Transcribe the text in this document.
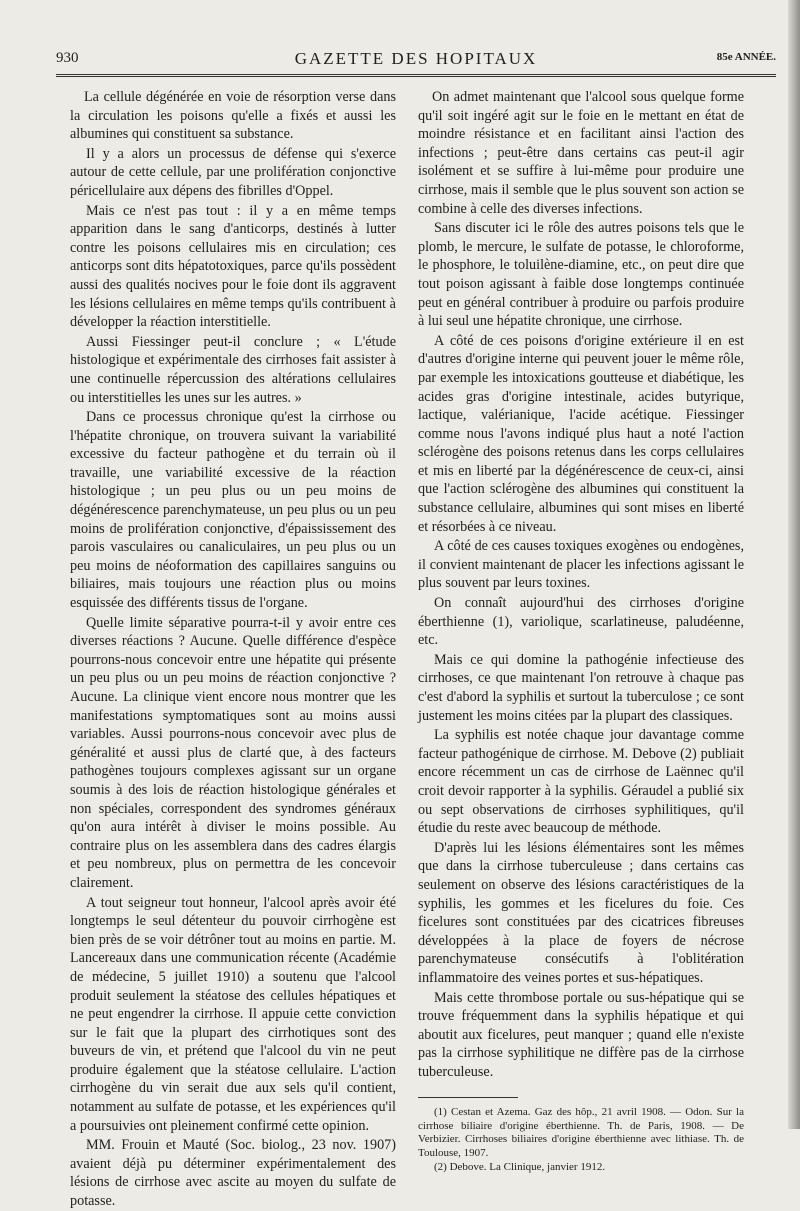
930	GAZETTE DES HOPITAUX	85e ANNÉE.

La cellule dégénérée en voie de résorption verse dans la circulation les poisons qu'elle a fixés et aussi les albumines qui constituent sa substance.

Il y a alors un processus de défense qui s'exerce autour de cette cellule, par une prolifération conjonctive péricellulaire aux dépens des fibrilles d'Oppel.

Mais ce n'est pas tout : il y a en même temps apparition dans le sang d'anticorps, destinés à lutter contre les poisons cellulaires mis en circulation; ces anticorps sont dits hépatotoxiques, parce qu'ils possèdent aussi des qualités nocives pour le foie dont ils aggravent les lésions cellulaires en même temps qu'ils contribuent à développer la réaction interstitielle.

Aussi Fiessinger peut-il conclure ; « L'étude histologique et expérimentale des cirrhoses fait assister à une continuelle répercussion des altérations cellulaires ou interstitielles les unes sur les autres. »

Dans ce processus chronique qu'est la cirrhose ou l'hépatite chronique, on trouvera suivant la variabilité excessive du facteur pathogène et du terrain où il travaille, une variabilité excessive de la réaction histologique ; un peu plus ou un peu moins de dégénérescence parenchymateuse, un peu plus ou un peu moins de prolifération conjonctive, d'épaississement des parois vasculaires ou canaliculaires, un peu plus ou un peu moins de néoformation des capillaires sanguins ou biliaires, mais toujours une réaction plus ou moins esquissée des différents tissus de l'organe.

Quelle limite séparative pourra-t-il y avoir entre ces diverses réactions ? Aucune. Quelle différence d'espèce pourrons-nous concevoir entre une hépatite qui présente un peu plus ou un peu moins de réaction conjonctive ? Aucune. La clinique vient encore nous montrer que les manifestations symptomatiques sont au moins aussi variables. Aussi pourrons-nous concevoir avec plus de généralité et aussi plus de clarté que, à des facteurs pathogènes toujours complexes agissant sur un organe soumis à des lois de réaction histologique générales et non spéciales, correspondent des syndromes généraux qu'on aura intérêt à diviser le moins possible. Au contraire plus on les assemblera dans des cadres élargis et peu nombreux, plus on permettra de les concevoir clairement.

A tout seigneur tout honneur, l'alcool après avoir été longtemps le seul détenteur du pouvoir cirrhogène est bien près de se voir détrôner tout au moins en partie. M. Lancereaux dans une communication récente (Académie de médecine, 5 juillet 1910) a soutenu que l'alcool produit seulement la stéatose des cellules hépatiques et ne peut engendrer la cirrhose. Il appuie cette conviction sur le fait que la plupart des cirrhotiques sont des buveurs de vin, et prétend que l'alcool du vin ne peut produire également que la stéatose cellulaire. L'action cirrhogène du vin serait due aux sels qu'il contient, notamment au sulfate de potasse, et les expériences qu'il a poursuivies ont pleinement confirmé cette opinion.

MM. Frouin et Mauté (Soc. biolog., 23 nov. 1907) avaient déjà pu déterminer expérimentalement des lésions de cirrhose avec ascite au moyen du sulfate de potasse.

On admet maintenant que l'alcool sous quelque forme qu'il soit ingéré agit sur le foie en le mettant en état de moindre résistance et en facilitant ainsi l'action des infections ; peut-être dans certains cas peut-il agir isolément et se suffire à lui-même pour produire une cirrhose, mais il semble que le plus souvent son action se combine à celle des diverses infections.

Sans discuter ici le rôle des autres poisons tels que le plomb, le mercure, le sulfate de potasse, le chloroforme, le phosphore, le toluilène-diamine, etc., on peut dire que tout poison agissant à faible dose longtemps continuée peut en général contribuer à produire ou parfois produire à lui seul une hépatite chronique, une cirrhose.

A côté de ces poisons d'origine extérieure il en est d'autres d'origine interne qui peuvent jouer le même rôle, par exemple les intoxications goutteuse et diabétique, les acides gras d'origine intestinale, acides butyrique, lactique, valérianique, l'acide acétique. Fiessinger comme nous l'avons indiqué plus haut a noté l'action sclérogène des poisons retenus dans les corps cellulaires et mis en liberté par la dégénérescence de ceux-ci, ainsi que l'action sclérogène des albumines qui constituent la substance cellulaire, albumines qui sont mises en liberté et résorbées à ce niveau.

A côté de ces causes toxiques exogènes ou endogènes, il convient maintenant de placer les infections agissant le plus souvent par leurs toxines.

On connaît aujourd'hui des cirrhoses d'origine éberthienne (1), variolique, scarlatineuse, paludéenne, etc.

Mais ce qui domine la pathogénie infectieuse des cirrhoses, ce que maintenant l'on retrouve à chaque pas c'est d'abord la syphilis et surtout la tuberculose ; ce sont justement les moins citées par la plupart des classiques.

La syphilis est notée chaque jour davantage comme facteur pathogénique de cirrhose. M. Debove (2) publiait encore récemment un cas de cirrhose de Laënnec qu'il croit devoir rapporter à la syphilis. Géraudel a publié six ou sept observations de cirrhoses syphilitiques, qu'il étudie du reste avec beaucoup de méthode.

D'après lui les lésions élémentaires sont les mêmes que dans la cirrhose tuberculeuse ; dans certains cas seulement on observe des lésions caractéristiques de la syphilis, les gommes et les ficelures du foie. Ces ficelures sont constituées par des cicatrices fibreuses développées à la place de foyers de nécrose parenchymateuse consécutifs à l'oblitération inflammatoire des veines portes et sus-hépatiques.

Mais cette thrombose portale ou sus-hépatique qui se trouve fréquemment dans la syphilis hépatique et qui aboutit aux ficelures, peut manquer ; quand elle n'existe pas la cirrhose syphilitique ne diffère pas de la cirrhose tuberculeuse.

(1) Cestan et Azema. Gaz des hôp., 21 avril 1908. — Odon. Sur la cirrhose biliaire d'origine éberthienne. Th. de Paris, 1908. — De Verbizier. Cirrhoses biliaires d'origine éberthienne avec lithiase. Th. de Toulouse, 1907.

(2) Debove. La Clinique, janvier 1912.
